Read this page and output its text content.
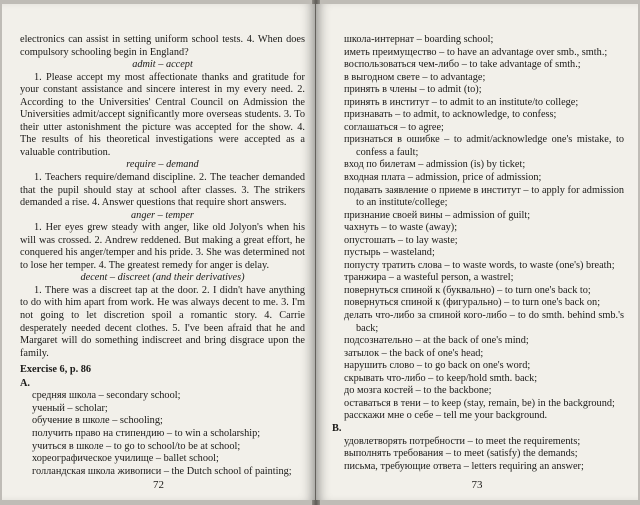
electronics can assist in setting uniform school tests. 4. When does compulsory schooling begin in England?

admit – accept

1. Please accept my most affectionate thanks and gratitude for your constant assistance and sincere interest in my every need. 2. According to the Universities' Central Council on Admission the Universities admit/accept significantly more overseas students. 3. To their utter astonishment the picture was accepted for the show. 4. The results of his theoretical investigations were accepted as a valuable contribution.

require – demand

1. Teachers require/demand discipline. 2. The teacher demanded that the pupil should stay at school after classes. 3. The strikers demanded a rise. 4. Answer questions that require short answers.

anger – temper

1. Her eyes grew steady with anger, like old Jolyon's when his will was crossed. 2. Andrew reddened. But making a great effort, he conquered his anger/temper and his pride. 3. She was determined not to lose her temper. 4. The greatest remedy for anger is delay.

decent – discreet (and their derivatives)

1. There was a discreet tap at the door. 2. I didn't have anything to do with him apart from work. He was always decent to me. 3. I'm not going to let discretion spoil a romantic story. 4. Carrie desperately needed decent clothes. 5. I've been afraid that he and Margaret will do something indiscreet and bring disgrace upon the family.

Exercise 6, p. 86

A.

средняя школа – secondary school;

ученый – scholar;

обучение в школе – schooling;

получить право на стипендию – to win a scholarship;

учиться в школе – to go to school/to be at school;

хореографическое училище – ballet school;

голландская школа живописи – the Dutch school of painting;

72

школа-интернат – boarding school;

иметь преимущество – to have an advantage over smb., smth.;

воспользоваться чем-либо – to take advantage of smth.;

в выгодном свете – to advantage;

принять в члены – to admit (to);

принять в институт – to admit to an institute/to college;

признавать – to admit, to acknowledge, to confess;

соглашаться – to agree;

признаться в ошибке – to admit/acknowledge one's mistake, to confess a fault;

вход по билетам – admission (is) by ticket;

входная плата – admission, price of admission;

подавать заявление о приеме в институт – to apply for admission to an institute/college;

признание своей вины – admission of guilt;

чахнуть – to waste (away);

опустошать – to lay waste;

пустырь – wasteland;

попусту тратить слова – to waste words, to waste (one's) breath;

транжира – a wasteful person, a wastrel;

повернуться спиной к (буквально) – to turn one's back to;

повернуться спиной к (фигурально) – to turn one's back on;

делать что-либо за спиной кого-либо – to do smth. behind smb.'s back;

подсознательно – at the back of one's mind;

затылок – the back of one's head;

нарушить слово – to go back on one's word;

скрывать что-либо – to keep/hold smth. back;

до мозга костей – to the backbone;

оставаться в тени – to keep (stay, remain, be) in the background;

расскажи мне о себе – tell me your background.

B.

удовлетворять потребности – to meet the requirements;

выполнять требования – to meet (satisfy) the demands;

письма, требующие ответа – letters requiring an answer;

73
